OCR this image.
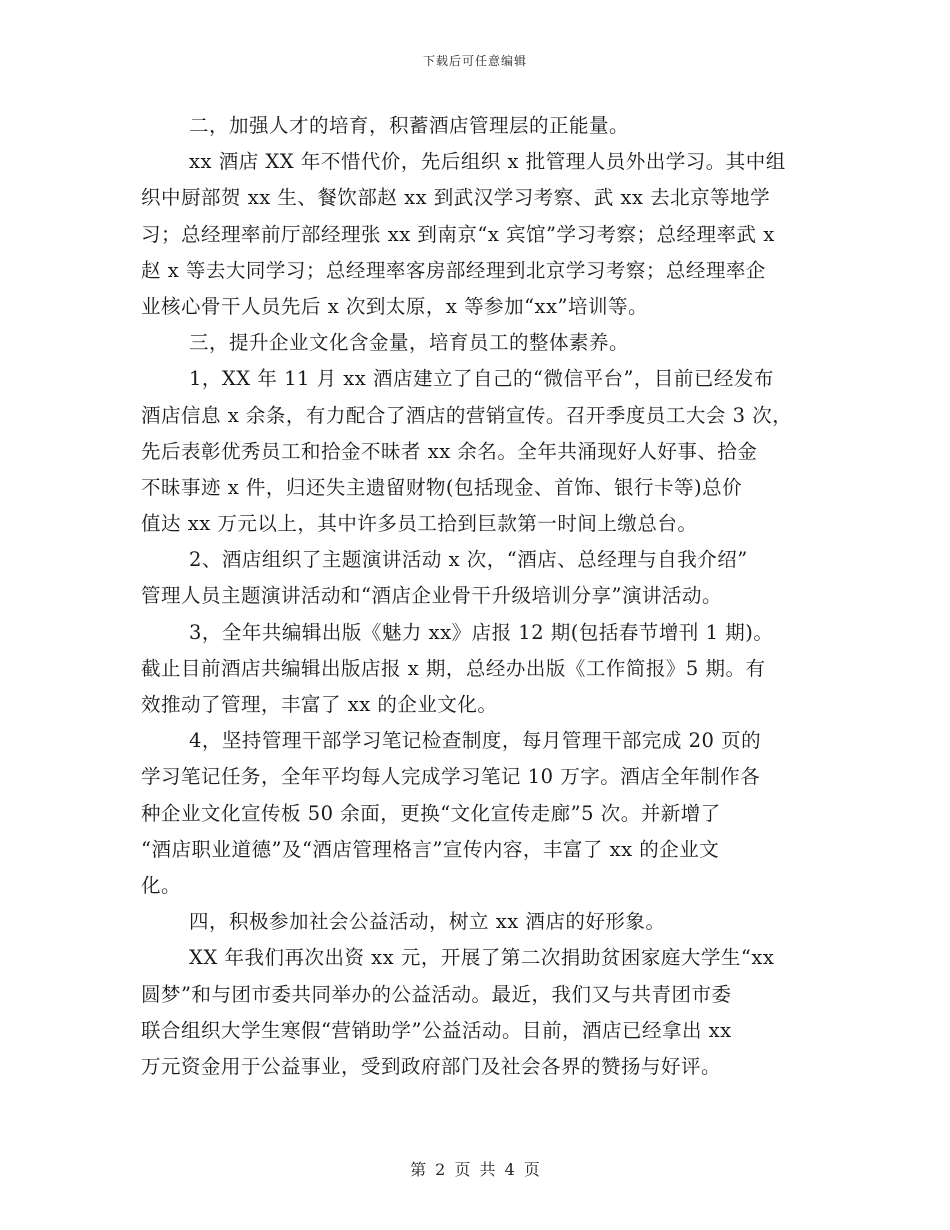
下载后可任意编辑
二，加强人才的培育，积蓄酒店管理层的正能量。
xx 酒店 XX 年不惜代价，先后组织 x 批管理人员外出学习。其中组
织中厨部贺 xx 生、餐饮部赵 xx 到武汉学习考察、武 xx 去北京等地学
习；总经理率前厅部经理张 xx 到南京“x 宾馆”学习考察；总经理率武 x
赵 x 等去大同学习；总经理率客房部经理到北京学习考察；总经理率企
业核心骨干人员先后 x 次到太原，x 等参加“xx”培训等。
三，提升企业文化含金量，培育员工的整体素养。
1，XX 年 11 月 xx 酒店建立了自己的“微信平台”，目前已经发布
酒店信息 x 余条，有力配合了酒店的营销宣传。召开季度员工大会 3 次，
先后表彰优秀员工和拾金不昧者 xx 余名。全年共涌现好人好事、拾金
不昧事迹 x 件，归还失主遗留财物(包括现金、首饰、银行卡等)总价
值达 xx 万元以上，其中许多员工拾到巨款第一时间上缴总台。
2、酒店组织了主题演讲活动 x 次，“酒店、总经理与自我介绍”
管理人员主题演讲活动和“酒店企业骨干升级培训分享”演讲活动。
3，全年共编辑出版《魅力 xx》店报 12 期(包括春节增刊 1 期)。
截止目前酒店共编辑出版店报 x 期，总经办出版《工作简报》5 期。有
效推动了管理，丰富了 xx 的企业文化。
4，坚持管理干部学习笔记检查制度，每月管理干部完成 20 页的
学习笔记任务，全年平均每人完成学习笔记 10 万字。酒店全年制作各
种企业文化宣传板 50 余面，更换“文化宣传走廊”5 次。并新增了
“酒店职业道德”及“酒店管理格言”宣传内容，丰富了 xx 的企业文
化。
四，积极参加社会公益活动，树立 xx 酒店的好形象。
XX 年我们再次出资 xx 元，开展了第二次捐助贫困家庭大学生“xx
圆梦”和与团市委共同举办的公益活动。最近，我们又与共青团市委
联合组织大学生寒假“营销助学”公益活动。目前，酒店已经拿出 xx
万元资金用于公益事业，受到政府部门及社会各界的赞扬与好评。
第 2 页 共 4 页
